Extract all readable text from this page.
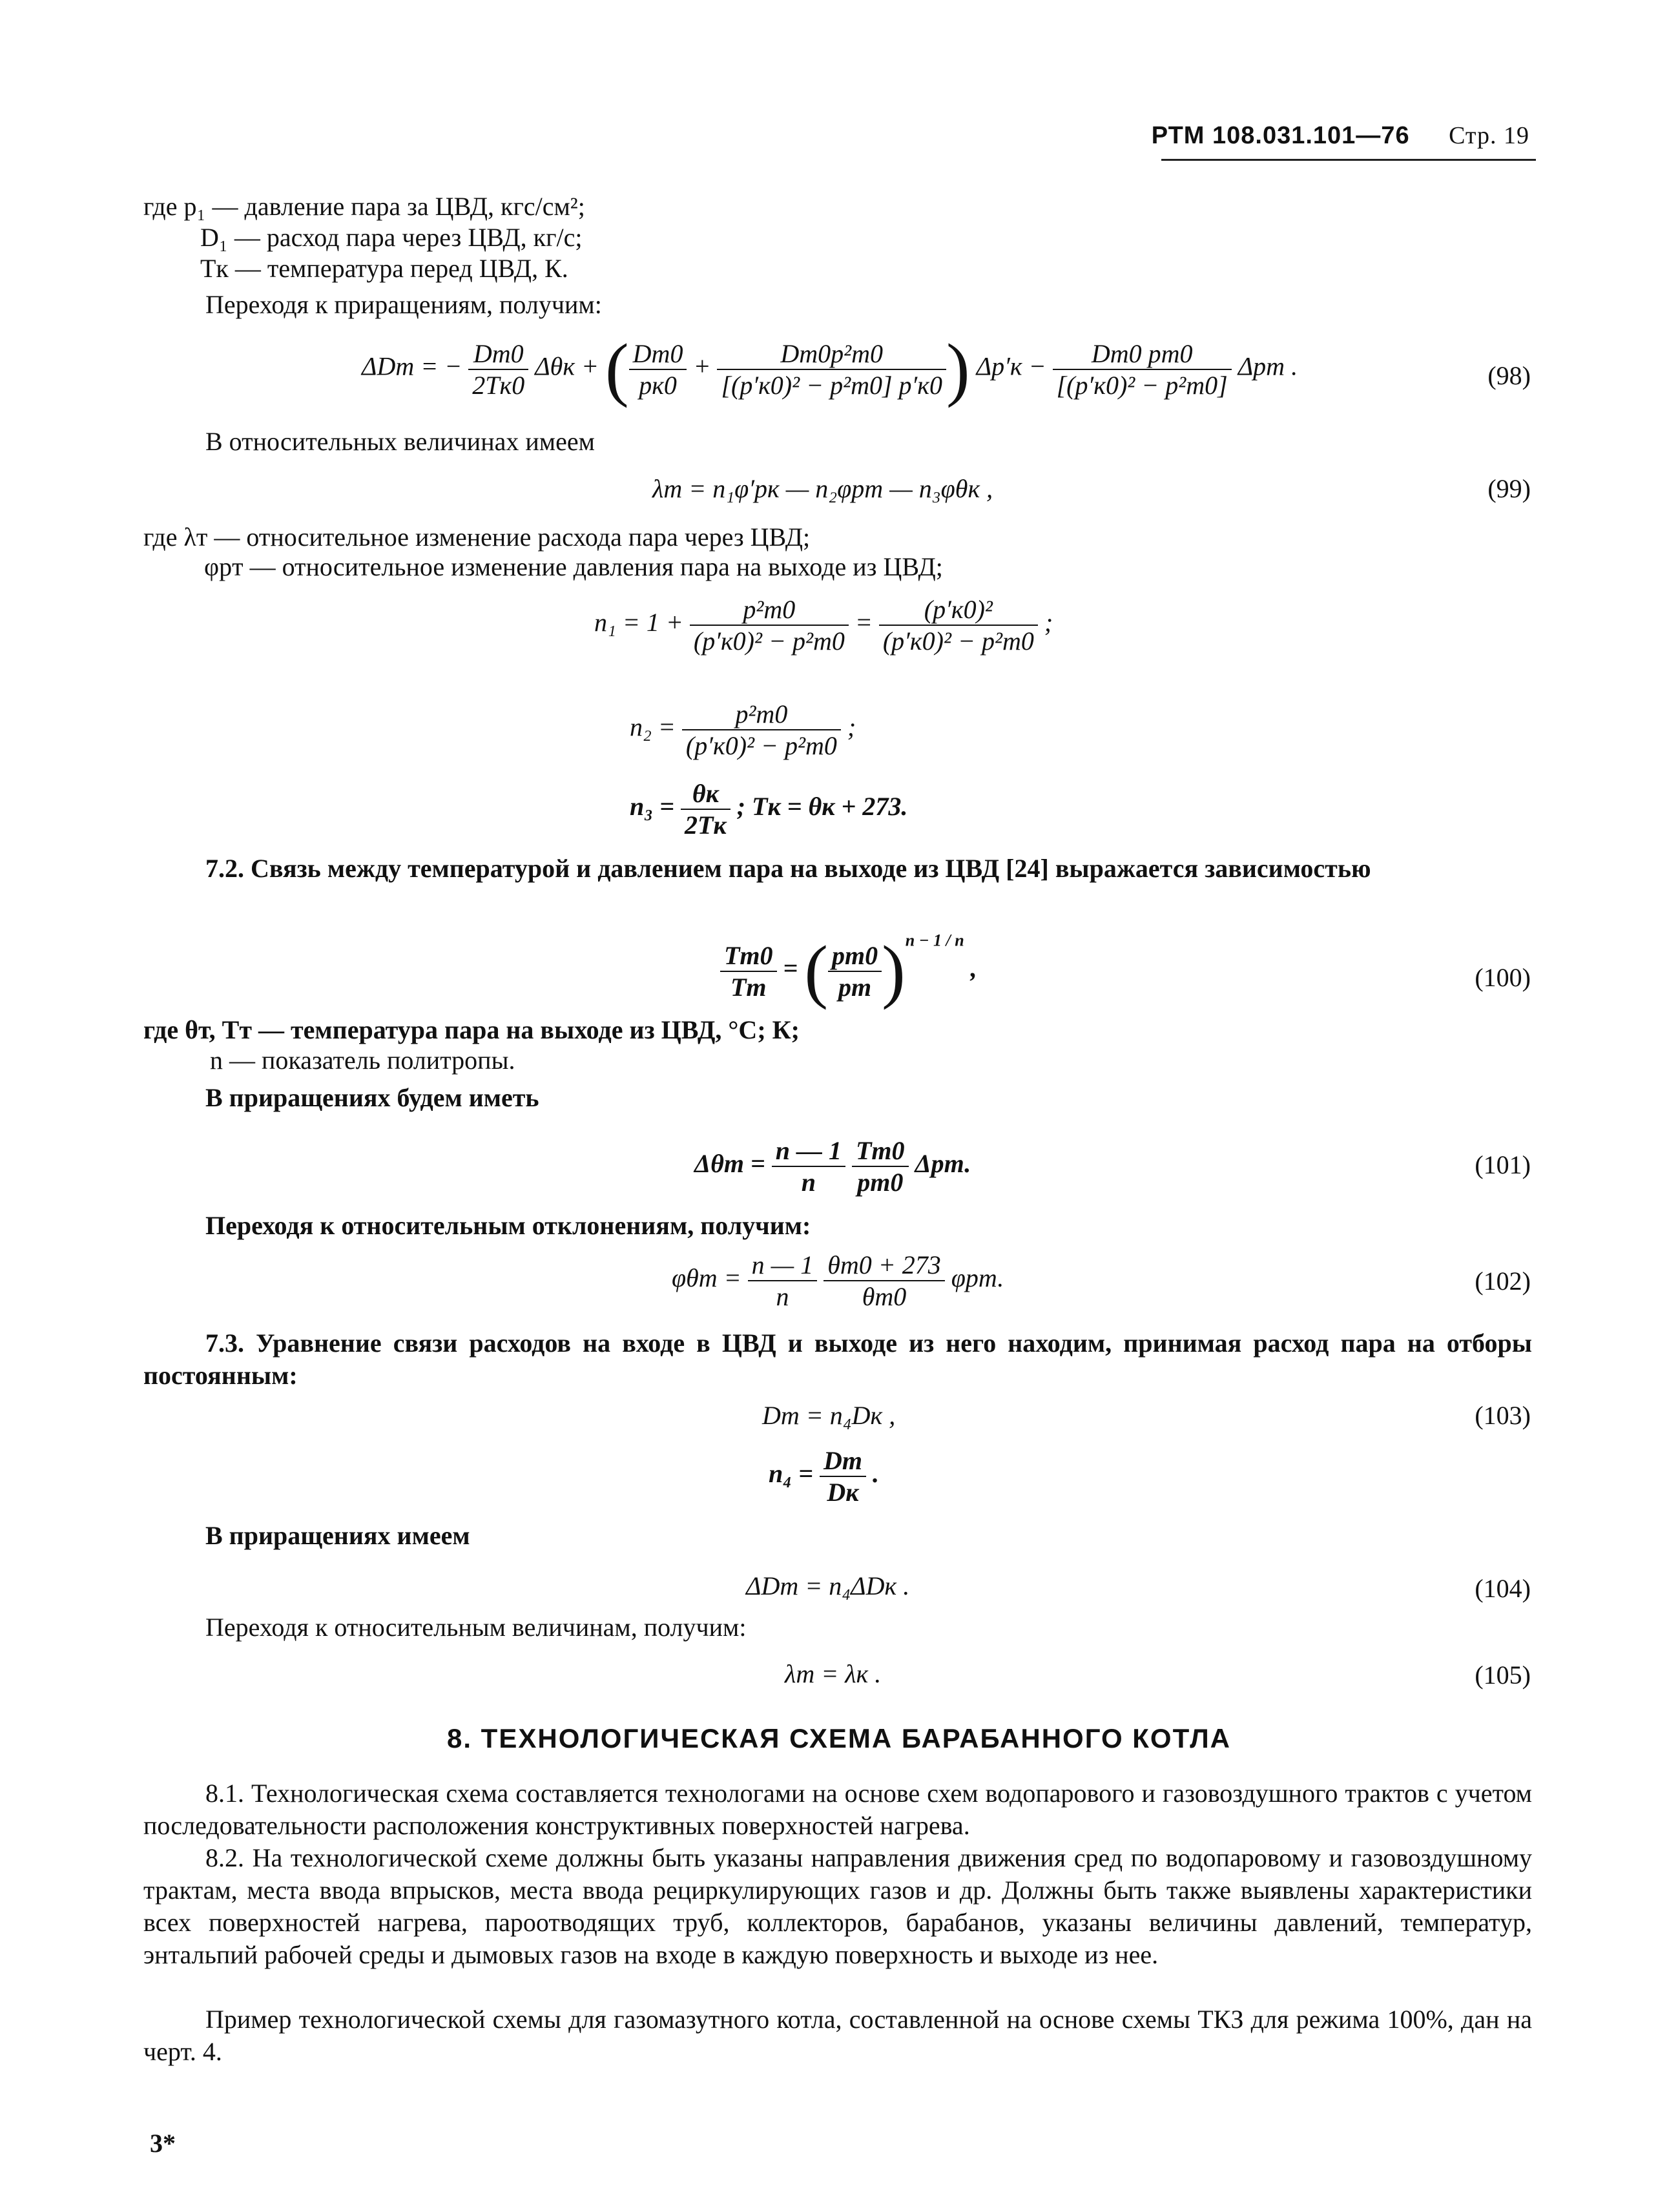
РТМ 108.031.101—76 Стр. 19
где p₁ — давление пара за ЦВД, кгс/см²;
D₁ — расход пара через ЦВД, кг/с;
Tк — температура перед ЦВД, К.
Переходя к приращениям, получим:
ΔDт = − $\frac{Dт0}{2Tк0}$ Δθк + ( $\frac{Dт0}{pк0} + \frac{\text{Dт0p²т0}}{\text{[(p′к0)² − p²т0] p′к0}}$ ) $\Delta p'к - \frac{Dт0 pт0}{\text{[(p′к0)² − p²т0]}}$ Δpт .	(98)
В относительных величинах имеем
λт = n₁φ′pк — n₂φpт — n₃φθк ,	(99)
где λт — относительное изменение расхода пара через ЦВД;
φpт — относительное изменение давления пара на выходе из ЦВД;
$n_1 = 1 + \frac{\text{p²т0}}{\text{(p′к0)² − p²т0}} = \frac{\text{(p′к0)²}}{\text{(p′к0)² − p²т0}}$ ;
$n_2 = \frac{\text{p²т0}}{\text{(p′к0)² − p²т0}}$ ;
$n_3 = \frac{\theta к}{2Tк}$ ; Tк = θк + 273.
7.2. Связь между температурой и давлением пара на выходе из ЦВД [24] выражается зависимостью
$\frac{Tт0}{Tт}$ = ( $\frac{pт0}{pт} )^{n - 1 / n}$ ,	(100)
где θт, Tт — температура пара на выходе из ЦВД, °С; К;
n — показатель политропы.
В приращениях будем иметь
$\Delta\theta т = \frac{n — 1}{n}$
$\frac{Tт0}{pт0} \Delta pт$.	(101)
Переходя к относительным отклонениям, получим:
$\varphi\theta т = \frac{n — 1}{n}$
$\frac{\theta т0 + 273}{\theta т0} \varphi pт$.	(102)
7.3. Уравнение связи расходов на входе в ЦВД и выходе из него находим, принимая расход пара на отборы постоянным:
Dт = n₄Dк ,	(103)
$n_4 = \frac{Dт}{Dк}$ .
В приращениях имеем
ΔDт = n₄ΔDк .	(104)
Переходя к относительным величинам, получим:
λт = λк .	(105)
8. ТЕХНОЛОГИЧЕСКАЯ СХЕМА БАРАБАННОГО КОТЛА
8.1. Технологическая схема составляется технологами на основе схем водопарового и газовоздушного трактов с учетом последовательности расположения конструктивных поверхностей нагрева.
8.2. На технологической схеме должны быть указаны направления движения сред по водопаровому и газовоздушному трактам, места ввода впрысков, места ввода рециркулирующих газов и др. Должны быть также выявлены характеристики всех поверхностей нагрева, пароотводящих труб, коллекторов, барабанов, указаны величины давлений, температур, энтальпий рабочей среды и дымовых газов на входе в каждую поверхность и выходе из нее.
Пример технологической схемы для газомазутного котла, составленной на основе схемы ТКЗ для режима 100%, дан на черт. 4.
3*
